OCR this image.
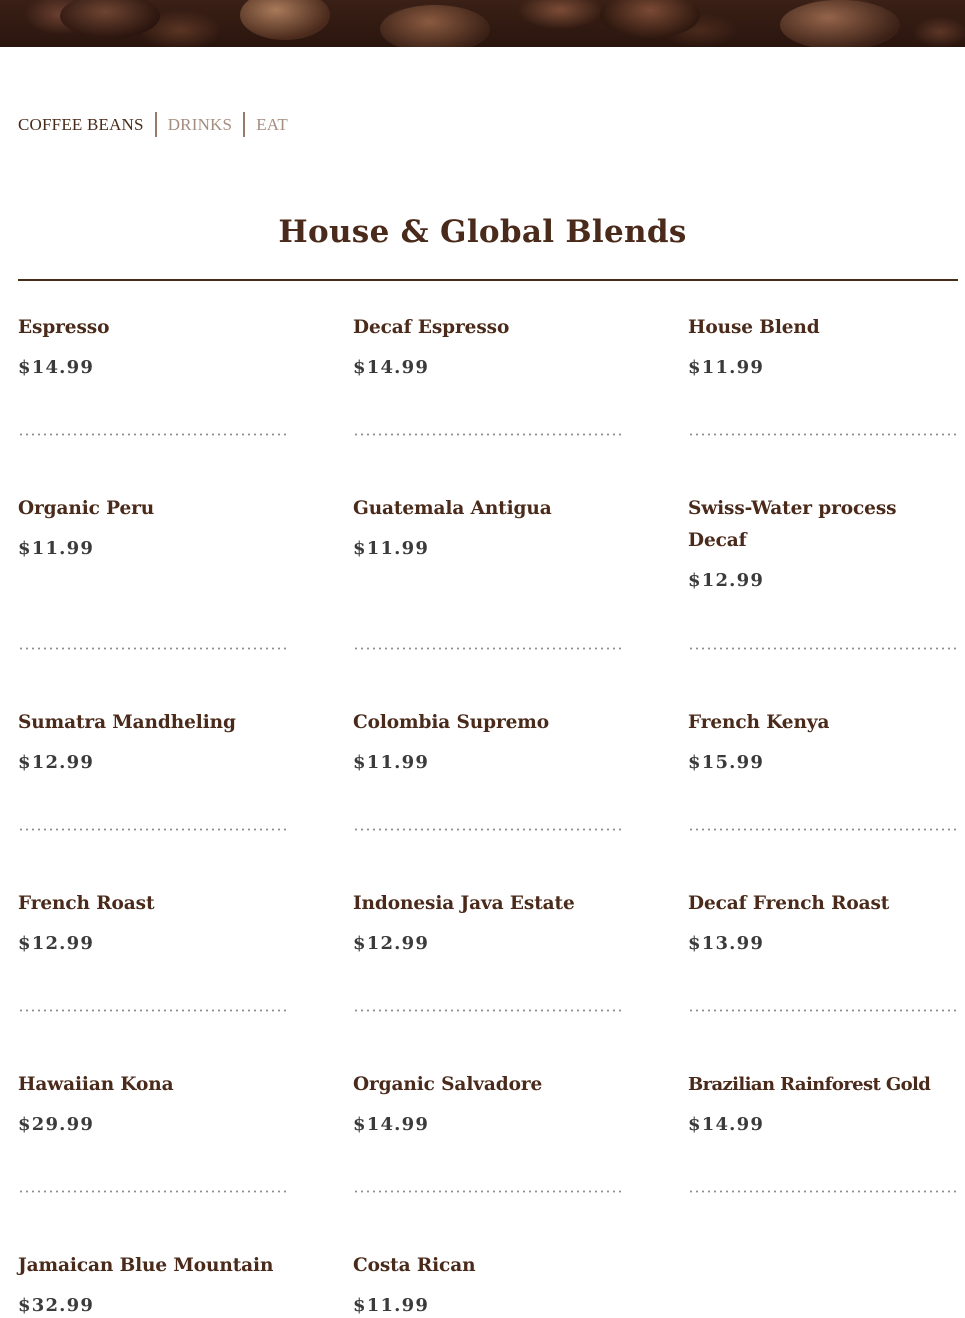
COFFEE BEANS DRINKS EAT
House & Global Blends
Espresso
$14.99
Decaf Espresso
$14.99
House Blend
$11.99
Organic Peru
$11.99
Guatemala Antigua
$11.99
Swiss-Water process Decaf
$12.99
Sumatra Mandheling
$12.99
Colombia Supremo
$11.99
French Kenya
$15.99
French Roast
$12.99
Indonesia Java Estate
$12.99
Decaf French Roast
$13.99
Hawaiian Kona
$29.99
Organic Salvadore
$14.99
Brazilian Rainforest Gold
$14.99
Jamaican Blue Mountain
$32.99
Costa Rican
$11.99
